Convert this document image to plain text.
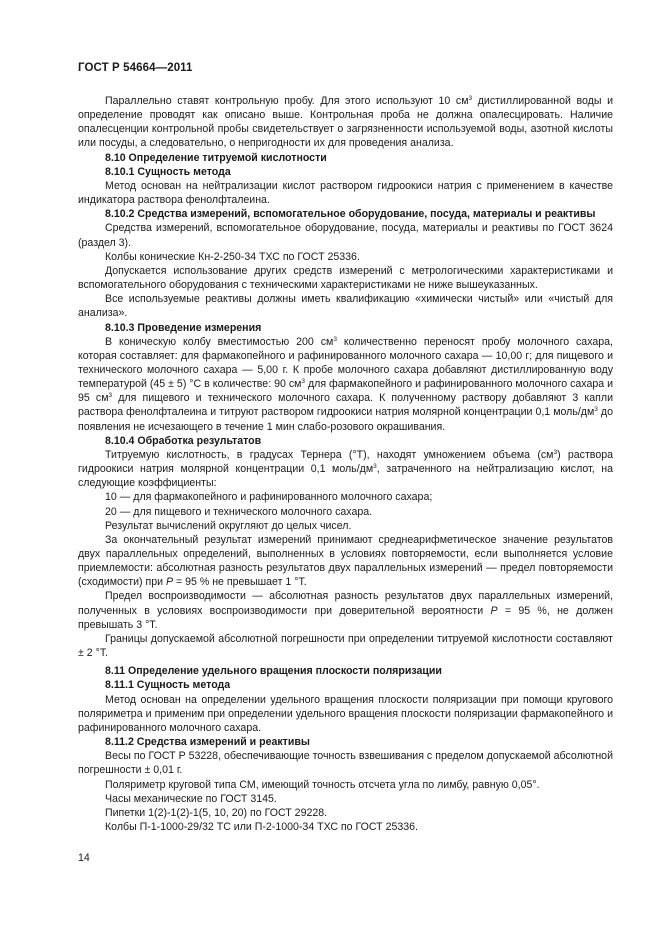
ГОСТ Р 54664—2011

Параллельно ставят контрольную пробу. Для этого используют 10 $см^3$ дистиллированной воды и определение проводят как описано выше. Контрольная проба не должна опалесцировать. Наличие опалесценции контрольной пробы свидетельствует о загрязненности используемой воды, азотной кислоты или посуды, а следовательно, о непригодности их для проведения анализа.

8.10 Определение титруемой кислотности

8.10.1 Сущность метода

Метод основан на нейтрализации кислот раствором гидроокиси натрия с применением в качестве индикатора раствора фенолфталеина.

8.10.2 Средства измерений, вспомогательное оборудование, посуда, материалы и реактивы

Средства измерений, вспомогательное оборудование, посуда, материалы и реактивы по ГОСТ 3624 (раздел 3).

Колбы конические Кн-2-250-34 ТХС по ГОСТ 25336.

Допускается использование других средств измерений с метрологическими характеристиками и вспомогательного оборудования с техническими характеристиками не ниже вышеуказанных.

Все используемые реактивы должны иметь квалификацию «химически чистый» или «чистый для анализа».

8.10.3 Проведение измерения

В коническую колбу вместимостью 200 $см^3$ количественно переносят пробу молочного сахара, которая составляет: для фармакопейного и рафинированного молочного сахара — 10,00 г; для пищевого и технического молочного сахара — 5,00 г. К пробе молочного сахара добавляют дистиллированную воду температурой (45 ± 5) °С в количестве: 90 $см^3$ для фармакопейного и рафинированного молочного сахара и 95 $см^3$ для пищевого и технического молочного сахара. К полученному раствору добавляют 3 капли раствора фенолфталеина и титруют раствором гидроокиси натрия молярной концентрации 0,1 моль/$дм^3$ до появления не исчезающего в течение 1 мин слабо-розового окрашивания.

8.10.4 Обработка результатов

Титруемую кислотность, в градусах Тернера (°Т), находят умножением объема $(см^3)$ раствора гидроокиси натрия молярной концентрации 0,1 моль/$дм^3$, затраченного на нейтрализацию кислот, на следующие коэффициенты:

10 — для фармакопейного и рафинированного молочного сахара;

20 — для пищевого и технического молочного сахара.

Результат вычислений округляют до целых чисел.

За окончательный результат измерений принимают среднеарифметическое значение результатов двух параллельных определений, выполненных в условиях повторяемости, если выполняется условие приемлемости: абсолютная разность результатов двух параллельных измерений — предел повторяемости (сходимости) при P = 95 % не превышает 1 °Т.

Предел воспроизводимости — абсолютная разность результатов двух параллельных измерений, полученных в условиях воспроизводимости при доверительной вероятности P = 95 %, не должен превышать 3 °Т.

Границы допускаемой абсолютной погрешности при определении титруемой кислотности составляют ± 2 °Т.

8.11 Определение удельного вращения плоскости поляризации

8.11.1 Сущность метода

Метод основан на определении удельного вращения плоскости поляризации при помощи кругового поляриметра и применим при определении удельного вращения плоскости поляризации фармакопейного и рафинированного молочного сахара.

8.11.2 Средства измерений и реактивы

Весы по ГОСТ Р 53228, обеспечивающие точность взвешивания с пределом допускаемой абсолютной погрешности ± 0,01 г.

Поляриметр круговой типа СМ, имеющий точность отсчета угла по лимбу, равную 0,05°.

Часы механические по ГОСТ 3145.

Пипетки 1(2)-1(2)-1(5, 10, 20) по ГОСТ 29228.

Колбы П-1-1000-29/32 ТС или П-2-1000-34 ТХС по ГОСТ 25336.

14
